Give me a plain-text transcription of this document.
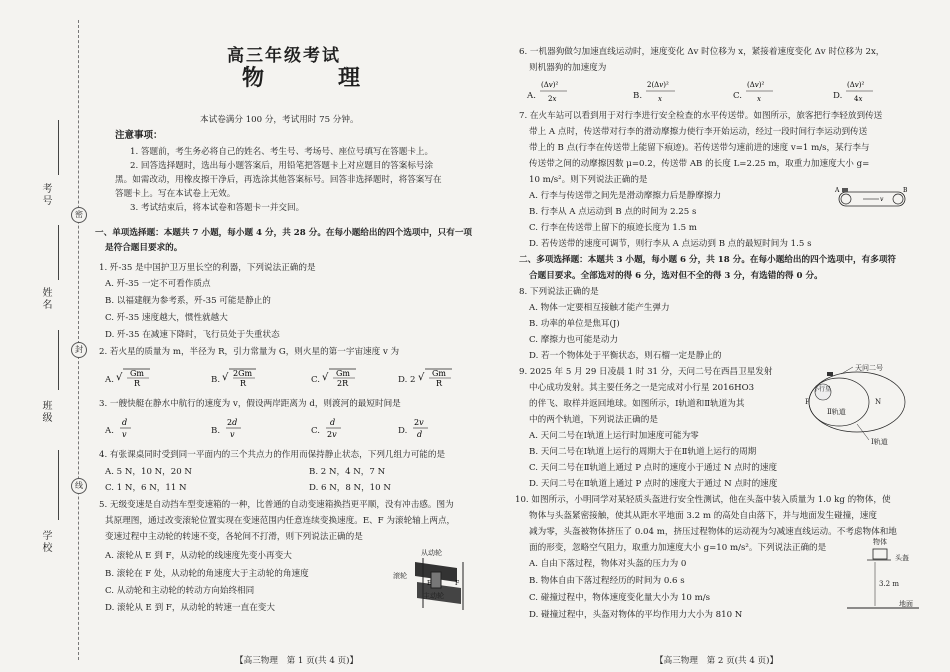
密
封
线
考号
姓名
班级
学校
高三年级考试
物　理
本试卷满分 100 分，考试用时 75 分钟。
注意事项：
1. 答题前，考生务必将自己的姓名、考生号、考场号、座位号填写在答题卡上。
2. 回答选择题时，选出每小题答案后，用铅笔把答题卡上对应题目的答案标号涂
黑。如需改动，用橡皮擦干净后，再选涂其他答案标号。回答非选择题时，将答案写在
答题卡上。写在本试卷上无效。
3. 考试结束后，将本试卷和答题卡一并交回。
一、单项选择题：本题共 7 小题，每小题 4 分，共 28 分。在每小题给出的四个选项中，只有一项
是符合题目要求的。
1. 歼-35 是中国护卫万里长空的利器，下列说法正确的是
A. 歼-35 一定不可看作质点
B. 以福建舰为参考系，歼-35 可能是静止的
C. 歼-35 速度越大，惯性就越大
D. 歼-35 在减速下降时，飞行员处于失重状态
2. 若火星的质量为 m，半径为 R，引力常量为 G，则火星的第一宇宙速度 v 为
A. √ Gm
R	B. √ 2Gm
R	C. √ Gm
2R	D. 2 √ Gm
R
3. 一艘快艇在静水中航行的速度为 v，假设两岸距离为 d，则渡河的最短时间是
A.
d
v	B.
2d
v	C.
d
2v	D.
2v
d
4. 有张课桌同时受到同一平面内的三个共点力的作用而保持静止状态，下列几组力可能的是
A. 5 N，10 N，20 N	B. 2 N，4 N，7 N
C. 1 N，6 N，11 N	D. 6 N，8 N，10 N
5. 无级变速是自动挡车型变速箱的一种，比普通的自动变速箱换挡更平顺，没有冲击感。图为
其原理图，通过改变滚轮位置实现在变速范围内任意连续变换速度。E、F 为滚轮轴上两点，
变速过程中主动轮的转速不变，各轮间不打滑，则下列说法正确的是
A. 滚轮从 E 到 F，从动轮的线速度先变小再变大
B. 滚轮在 F 处，从动轮的角速度大于主动轮的角速度
C. 从动轮和主动轮的转动方向始终相同
D. 滚轮从 E 到 F，从动轮的转速一直在变大
E	F
从动轮
滚轮
主动轮
【高三物理　第 1 页(共 4 页)】
6. 一机器狗做匀加速直线运动时，速度变化 Δv 时位移为 x，紧接着速度变化 Δv 时位移为 2x，
则机器狗的加速度为
A.
(Δv)²
2x	B.
2(Δv)²
x	C.
(Δv)²
x	D.
(Δv)²
4x
7. 在火车站可以看到用于对行李进行安全检查的水平传送带。如图所示，旅客把行李轻放到传送
带上 A 点时，传送带对行李的滑动摩擦力使行李开始运动，经过一段时间行李运动到传送
带上的 B 点(行李在传送带上能留下痕迹)。若传送带匀速前进的速度 v=1 m/s，某行李与
传送带之间的动摩擦因数 μ=0.2，传送带 AB 的长度 L=2.25 m，取重力加速度大小 g=
10 m/s²。则下列说法正确的是
A. 行李与传送带之间先是滑动摩擦力后是静摩擦力
B. 行李从 A 点运动到 B 点的时间为 2.25 s
C. 行李在传送带上留下的痕迹长度为 1.5 m
D. 若传送带的速度可调节，则行李从 A 点运动到 B 点的最短时间为 1.5 s
A	B
v
二、多项选择题：本题共 3 小题，每小题 6 分，共 18 分。在每小题给出的四个选项中，有多项符
合题目要求。全部选对的得 6 分，选对但不全的得 3 分，有选错的得 0 分。
8. 下列说法正确的是
A. 物体一定要相互接触才能产生弹力
B. 功率的单位是焦耳(J)
C. 摩擦力也可能是动力
D. 若一个物体处于平衡状态，则石榴一定是静止的
9. 2025 年 5 月 29 日凌晨 1 时 31 分，天问二号在西昌卫星发射
中心成功发射。其主要任务之一是完成对小行星 2016HO3
的伴飞、取样并返回地球。如图所示，Ⅰ轨道和Ⅱ轨道为其
中的两个轨道，下列说法正确的是
A. 天问二号在Ⅰ轨道上运行时加速度可能为零
B. 天问二号在Ⅰ轨道上运行的周期大于在Ⅱ轨道上运行的周期
C. 天问二号在Ⅱ轨道上通过 P 点时的速度小于通过 N 点时的速度
D. 天问二号在Ⅱ轨道上通过 P 点时的速度大于通过 N 点时的速度
天问二号
小行星
P	N
Ⅱ轨道
Ⅰ轨道
10. 如图所示，小明同学对某轻质头盔进行安全性测试，他在头盔中装入质量为 1.0 kg 的物体，使
物体与头盔紧密接触，使其从距水平地面 3.2 m 的高处自由落下，并与地面发生碰撞，速度
减为零，头盔被物体挤压了 0.04 m，挤压过程物体的运动视为匀减速直线运动。不考虑物体和地
面的形变，忽略空气阻力，取重力加速度大小 g=10 m/s²。下列说法正确的是
A. 自由下落过程，物体对头盔的压力为 0
B. 物体自由下落过程经历的时间为 0.6 s
C. 碰撞过程中，物体速度变化量大小为 10 m/s
D. 碰撞过程中，头盔对物体的平均作用力大小为 810 N
物体
头盔
3.2 m
地面
【高三物理　第 2 页(共 4 页)】
